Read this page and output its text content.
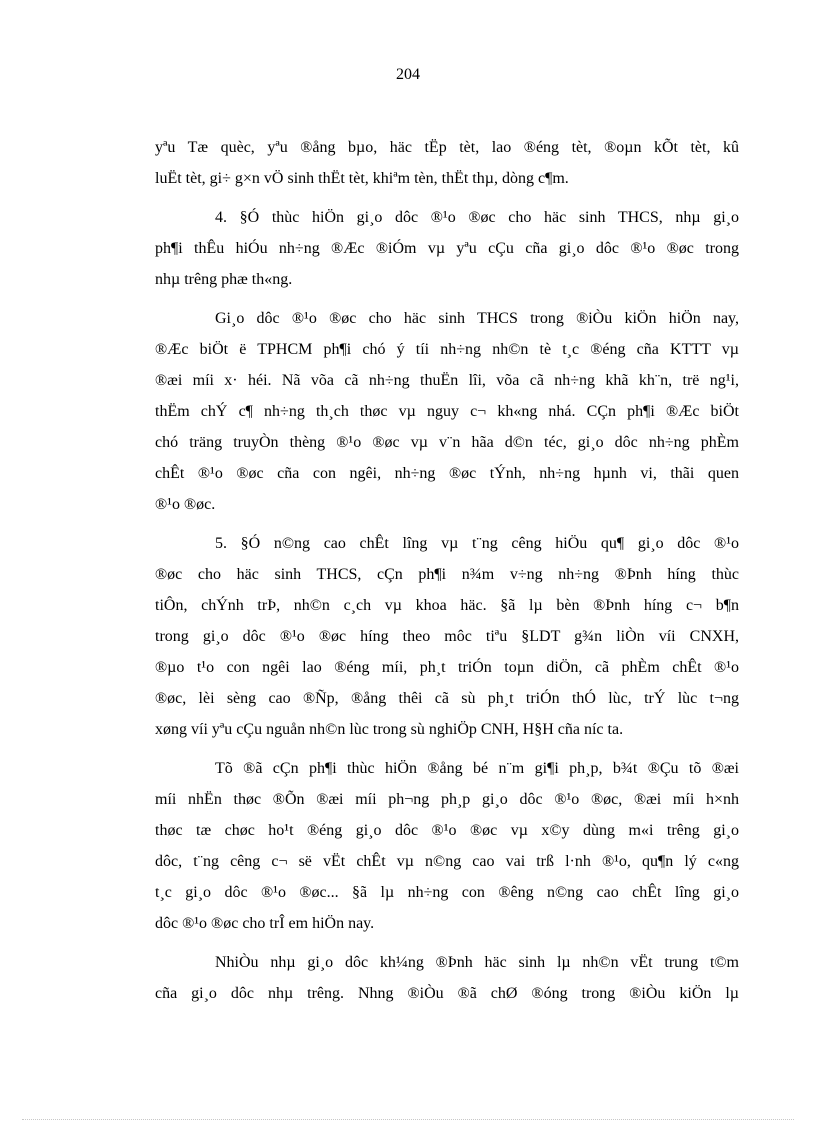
204
yªu Tæ quèc, yªu ®ång bµo, häc tËp tèt, lao ®éng tèt, ®oµn kÕt tèt, kû
luËt tèt, gi÷ g×n vÖ sinh thËt tèt, khiªm tèn, thËt thµ, dòng c¶m.
4. §Ó thùc hiÖn gi¸o dôc ®¹o ®øc cho häc sinh THCS, nhµ gi¸o
ph¶i thÊu hiÓu nh÷ng ®Æc ®iÓm vµ yªu cÇu cña gi¸o dôc ®¹o ®øc trong
nhµ trêng phæ th«ng.
Gi¸o dôc ®¹o ®øc cho häc sinh THCS trong ®iÒu kiÖn hiÖn nay,
®Æc biÖt ë TPHCM ph¶i chó ý tíi nh÷ng nh©n tè t¸c ®éng cña KTTT vµ
®æi míi x· héi. Nã võa cã nh÷ng thuËn lîi, võa cã nh÷ng khã kh¨n, trë ng¹i,
thËm chÝ c¶ nh÷ng th¸ch thøc vµ nguy c¬ kh«ng nhá. CÇn ph¶i ®Æc biÖt
chó träng truyÒn thèng ®¹o ®øc vµ v¨n hãa d©n téc, gi¸o dôc nh÷ng phÈm
chÊt ®¹o ®øc cña con ngêi, nh÷ng ®øc tÝnh, nh÷ng hµnh vi, thãi quen
®¹o ®øc.
5. §Ó n©ng cao chÊt lîng vµ t¨ng cêng hiÖu qu¶ gi¸o dôc ®¹o
®øc cho häc sinh THCS, cÇn ph¶i n¾m v÷ng nh÷ng ®Þnh híng thùc
tiÔn, chÝnh trÞ, nh©n c¸ch vµ khoa häc. §ã lµ bèn ®Þnh híng c¬ b¶n
trong gi¸o dôc ®¹o ®øc híng theo môc tiªu §LDT g¾n liÒn víi CNXH,
®µo t¹o con ngêi lao ®éng míi, ph¸t triÓn toµn diÖn, cã phÈm chÊt ®¹o
®øc, lèi sèng cao ®Ñp, ®ång thêi cã sù ph¸t triÓn thÓ lùc, trÝ lùc t¬ng
xøng víi yªu cÇu nguån nh©n lùc trong sù nghiÖp CNH, H§H cña níc ta.
Tõ ®ã cÇn ph¶i thùc hiÖn ®ång bé n¨m gi¶i ph¸p, b¾t ®Çu tõ ®æi
míi nhËn thøc ®Õn ®æi míi ph¬ng ph¸p gi¸o dôc ®¹o ®øc, ®æi míi h×nh
thøc tæ chøc ho¹t ®éng gi¸o dôc ®¹o ®øc vµ x©y dùng m«i trêng gi¸o
dôc, t¨ng cêng c¬ së vËt chÊt vµ n©ng cao vai trß l·nh ®¹o, qu¶n lý c«ng
t¸c gi¸o dôc ®¹o ®øc... §ã lµ nh÷ng con ®êng n©ng cao chÊt lîng gi¸o
dôc ®¹o ®øc cho trÎ em hiÖn nay.
NhiÒu nhµ gi¸o dôc kh¼ng ®Þnh häc sinh lµ nh©n vËt trung t©m
cña gi¸o dôc nhµ trêng. Nhng ®iÒu ®ã chØ ®óng trong ®iÒu kiÖn lµ
